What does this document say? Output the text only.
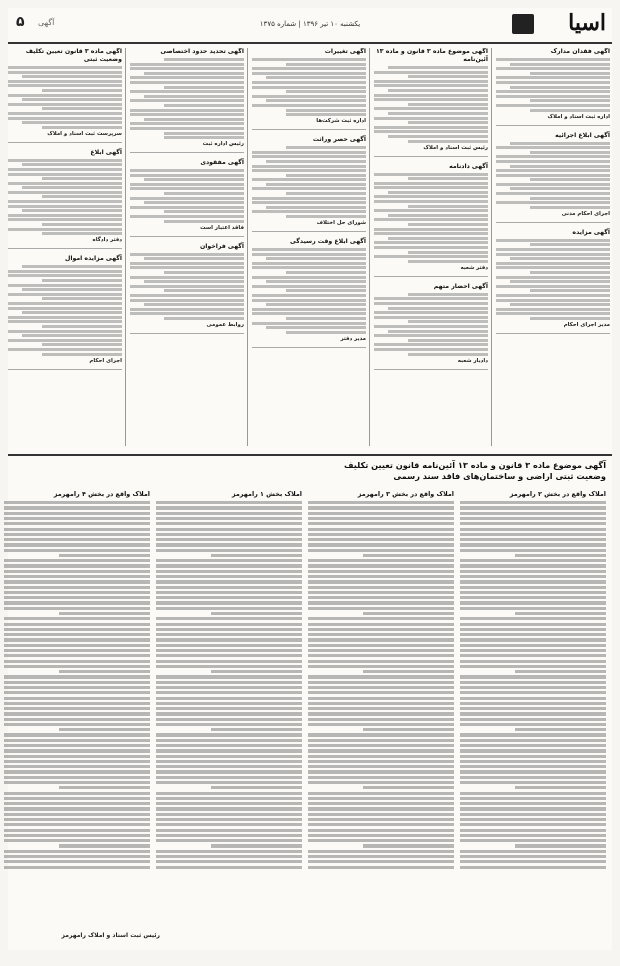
اسیا
یکشنبه ۱۰ تیر ۱۳۹۶ | شماره ۱۳۷۵
۵ آگهی
آگهی فقدان مدارک
اداره ثبت اسناد و املاک
آگهی ابلاغ اجرائیه
اجرای احکام مدنی
آگهی مزایده
مدیر اجرای احکام
آگهی موضوع ماده ۳ قانون و ماده ۱۳ آئین‌نامه
رئیس ثبت اسناد و املاک
آگهی دادنامه
دفتر شعبه
آگهی احضار متهم
دادیار شعبه
آگهی تغییرات
اداره ثبت شرکت‌ها
آگهی حصر وراثت
شورای حل اختلاف
آگهی ابلاغ وقت رسیدگی
مدیر دفتر
آگهی تحدید حدود اختصاصی
رئیس اداره ثبت
آگهی مفقودی
فاقد اعتبار است
آگهی فراخوان
روابط عمومی
آگهی ماده ۳ قانون تعیین تکلیف وضعیت ثبتی
سرپرست ثبت اسناد و املاک
آگهی ابلاغ
دفتر دادگاه
آگهی مزایده اموال
اجرای احکام
آگهی موضوع ماده ۳ قانون و ماده ۱۳ آئین‌نامه قانون تعیین تکلیف وضعیت ثبتی اراضی و ساختمان‌های فاقد سند رسمی
املاک واقع در بخش ۲ رامهرمز
املاک واقع در بخش ۳ رامهرمز
املاک بخش ۱ رامهرمز
املاک واقع در بخش ۴ رامهرمز
رئیس ثبت اسناد و املاک رامهرمز
